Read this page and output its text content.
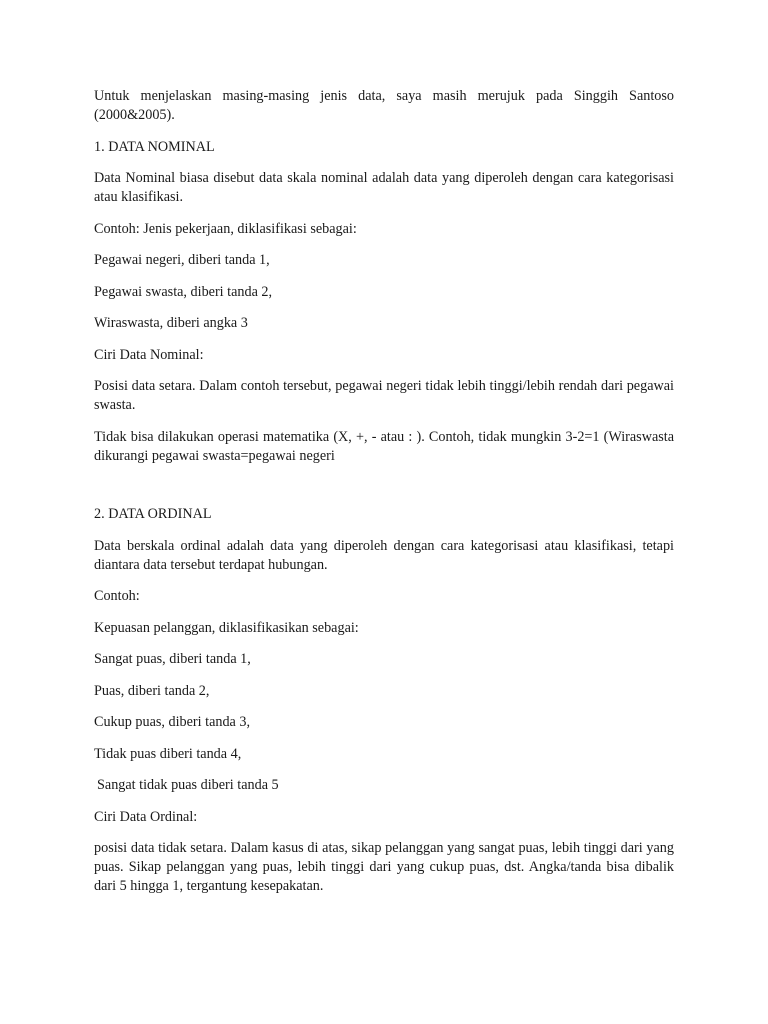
Untuk menjelaskan masing-masing jenis data, saya masih merujuk pada Singgih Santoso (2000&2005).

1. DATA NOMINAL

Data Nominal biasa disebut data skala nominal adalah data yang diperoleh dengan cara kategorisasi atau klasifikasi.

Contoh: Jenis pekerjaan, diklasifikasi sebagai:

Pegawai negeri, diberi tanda 1,

Pegawai swasta, diberi tanda 2,

Wiraswasta, diberi angka 3

Ciri Data Nominal:

Posisi data setara. Dalam contoh tersebut, pegawai negeri tidak lebih tinggi/lebih rendah dari pegawai swasta.

Tidak bisa dilakukan operasi matematika (X, +, - atau : ). Contoh, tidak mungkin 3-2=1 (Wiraswasta dikurangi pegawai swasta=pegawai negeri

2. DATA ORDINAL

Data berskala ordinal adalah data yang diperoleh dengan cara kategorisasi atau klasifikasi, tetapi diantara data tersebut terdapat hubungan.

Contoh:

Kepuasan pelanggan, diklasifikasikan sebagai:

Sangat puas, diberi tanda 1,

Puas, diberi tanda 2,

Cukup puas, diberi tanda 3,

Tidak puas diberi tanda 4,

Sangat tidak puas diberi tanda 5

Ciri Data Ordinal:

posisi data tidak setara. Dalam kasus di atas, sikap pelanggan yang sangat puas, lebih tinggi dari yang puas. Sikap pelanggan yang puas, lebih tinggi dari yang cukup puas, dst. Angka/tanda bisa dibalik dari 5 hingga 1, tergantung kesepakatan.
